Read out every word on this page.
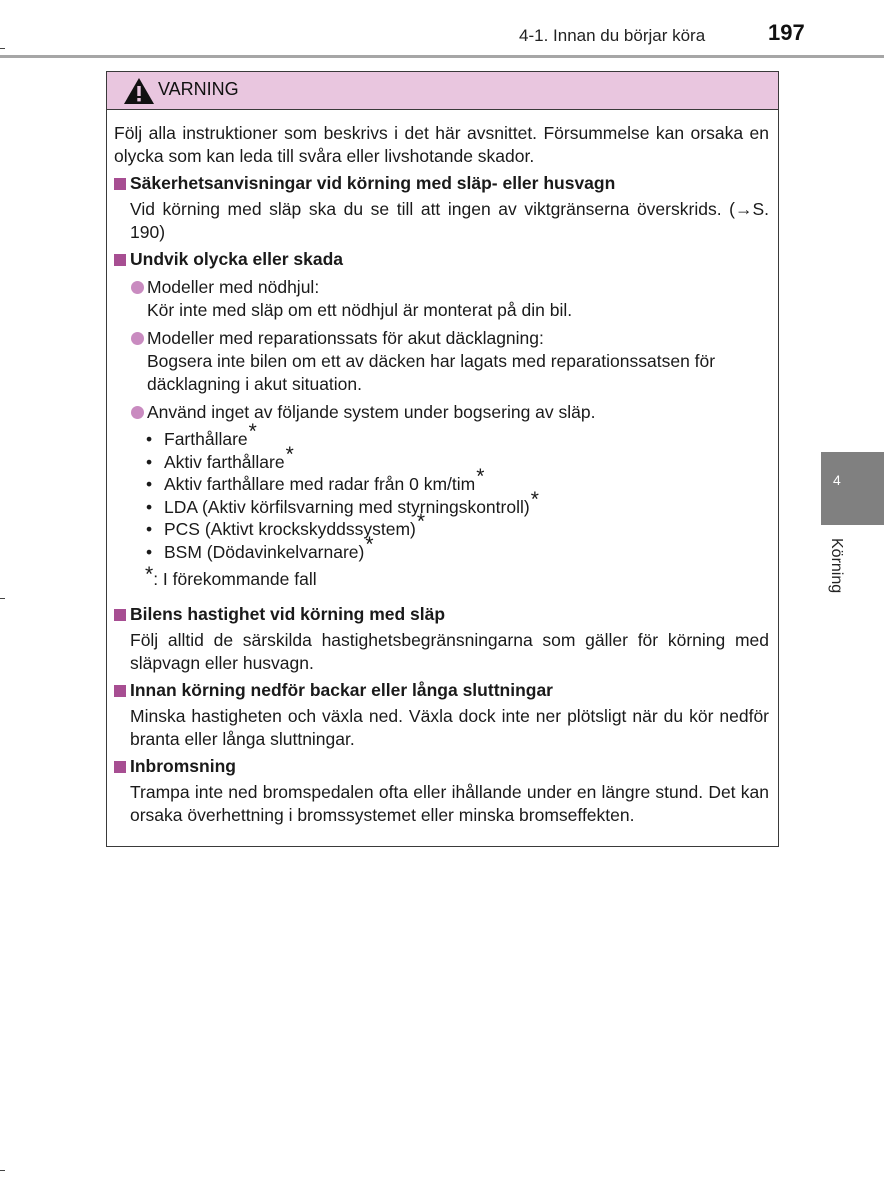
4-1. Innan du börjar köra	197
4
Körning
VARNING

Följ alla instruktioner som beskrivs i det här avsnittet. Försummelse kan orsaka en olycka som kan leda till svåra eller livshotande skador.

Säkerhetsanvisningar vid körning med släp- eller husvagn
Vid körning med släp ska du se till att ingen av viktgränserna överskrids. (→S. 190)
Undvik olycka eller skada
Modeller med nödhjul:
Kör inte med släp om ett nödhjul är monterat på din bil.
Modeller med reparationssats för akut däcklagning:
Bogsera inte bilen om ett av däcken har lagats med reparationssatsen för däcklagning i akut situation.
Använd inget av följande system under bogsering av släp.
• Farthållare*
• Aktiv farthållare*
• Aktiv farthållare med radar från 0 km/tim*
• LDA (Aktiv körfilsvarning med styrningskontroll)*
• PCS (Aktivt krockskyddssystem)*
• BSM (Dödavinkelvarnare)*
*: I förekommande fall
Bilens hastighet vid körning med släp
Följ alltid de särskilda hastighetsbegränsningarna som gäller för körning med släpvagn eller husvagn.
Innan körning nedför backar eller långa sluttningar
Minska hastigheten och växla ned. Växla dock inte ner plötsligt när du kör nedför branta eller långa sluttningar.
Inbromsning
Trampa inte ned bromspedalen ofta eller ihållande under en längre stund. Det kan orsaka överhettning i bromssystemet eller minska bromseffekten.
